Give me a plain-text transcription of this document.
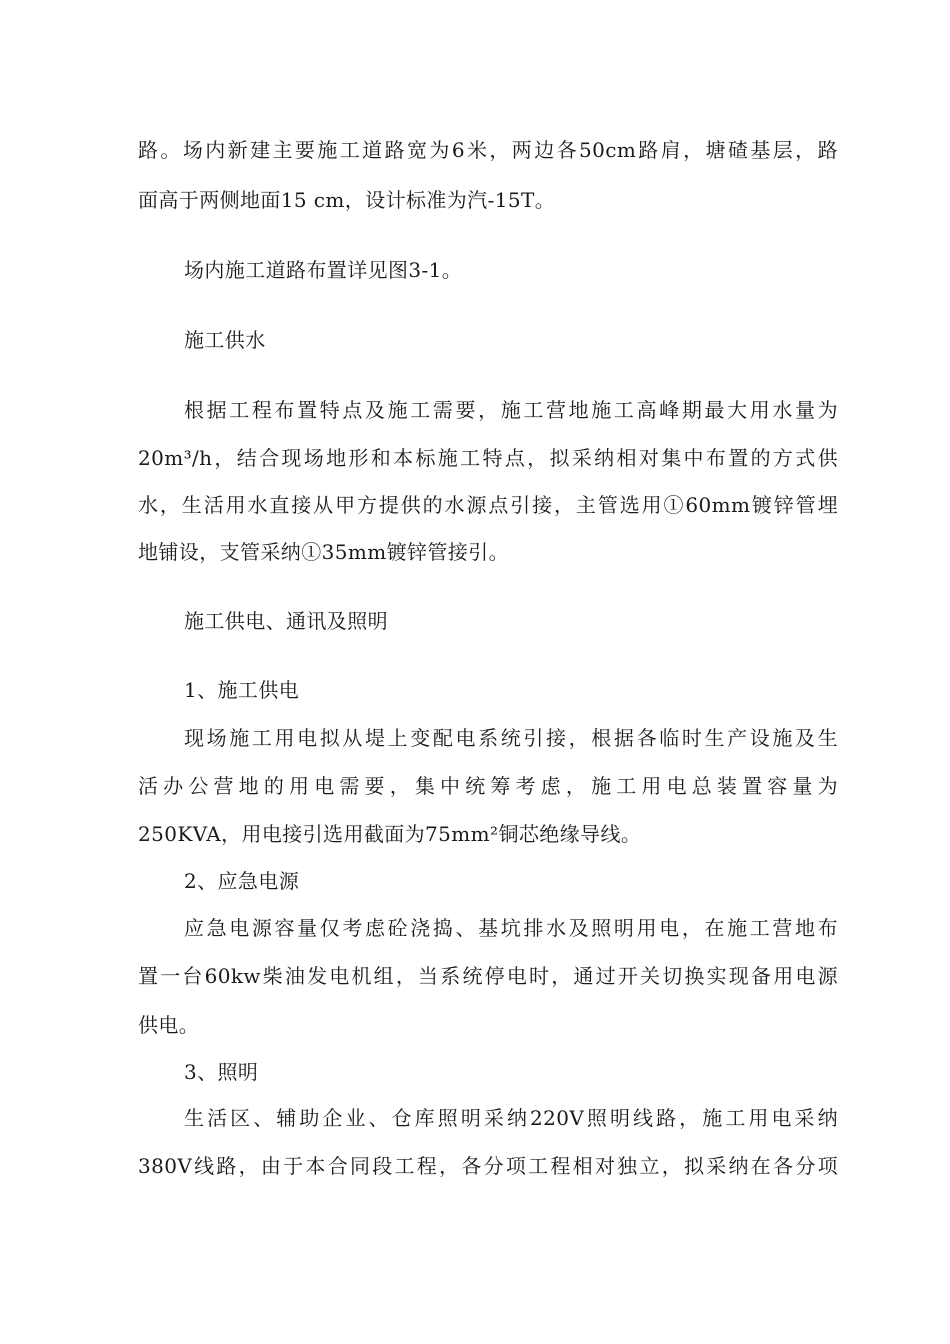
路。场内新建主要施工道路宽为6米，两边各50cm路肩，塘碴基层，路
面高于两侧地面15 cm，设计标准为汽-15T。
场内施工道路布置详见图3-1。
施工供水
根据工程布置特点及施工需要，施工营地施工高峰期最大用水量为
20m³/h，结合现场地形和本标施工特点，拟采纳相对集中布置的方式供
水，生活用水直接从甲方提供的水源点引接，主管选用①60mm镀锌管埋
地铺设，支管采纳①35mm镀锌管接引。
施工供电、通讯及照明
1、施工供电
现场施工用电拟从堤上变配电系统引接，根据各临时生产设施及生
活办公营地的用电需要，集中统筹考虑，施工用电总装置容量为
250KVA，用电接引选用截面为75mm²铜芯绝缘导线。
2、应急电源
应急电源容量仅考虑砼浇捣、基坑排水及照明用电，在施工营地布
置一台60kw柴油发电机组，当系统停电时，通过开关切换实现备用电源
供电。
3、照明
生活区、辅助企业、仓库照明采纳220V照明线路，施工用电采纳
380V线路，由于本合同段工程，各分项工程相对独立，拟采纳在各分项
